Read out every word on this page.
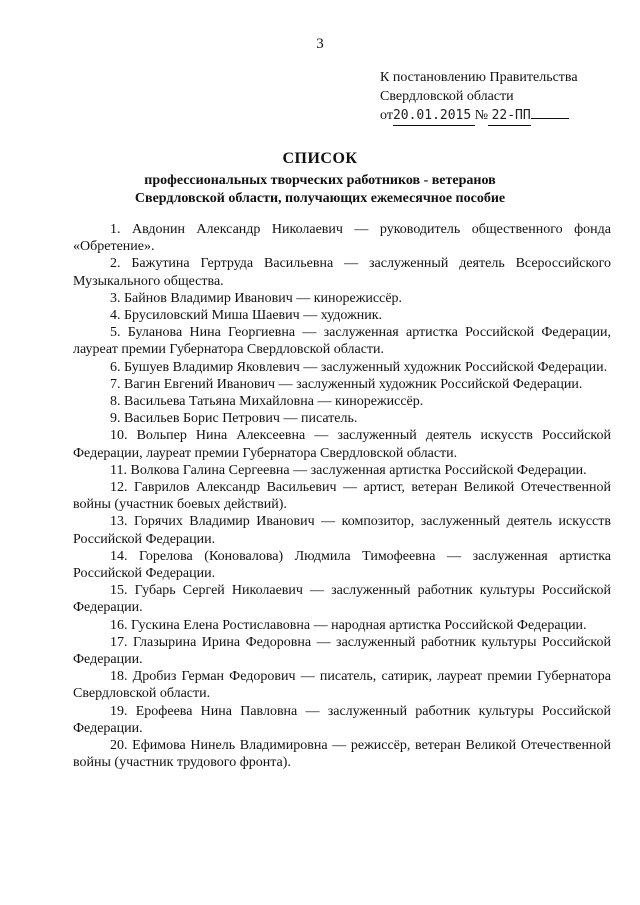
3
К постановлению Правительства
Свердловской области
от 20.01.2015
№
22-ПП
СПИСОК
профессиональных творческих работников - ветеранов
Свердловской области, получающих ежемесячное пособие
1. Авдонин Александр Николаевич — руководитель общественного фонда «Обретение».
2. Бажутина Гертруда Васильевна — заслуженный деятель Всероссийского Музыкального общества.
3. Байнов Владимир Иванович — кинорежиссёр.
4. Брусиловский Миша Шаевич — художник.
5. Буланова Нина Георгиевна — заслуженная артистка Российской Федерации, лауреат премии Губернатора Свердловской области.
6. Бушуев Владимир Яковлевич — заслуженный художник Российской Федерации.
7. Вагин Евгений Иванович — заслуженный художник Российской Федерации.
8. Васильева Татьяна Михайловна — кинорежиссёр.
9. Васильев Борис Петрович — писатель.
10. Вольпер Нина Алексеевна — заслуженный деятель искусств Российской Федерации, лауреат премии Губернатора Свердловской области.
11. Волкова Галина Сергеевна — заслуженная артистка Российской Федерации.
12. Гаврилов Александр Васильевич — артист, ветеран Великой Отечественной войны (участник боевых действий).
13. Горячих Владимир Иванович — композитор, заслуженный деятель искусств Российской Федерации.
14. Горелова (Коновалова) Людмила Тимофеевна — заслуженная артистка Российской Федерации.
15. Губарь Сергей Николаевич — заслуженный работник культуры Российской Федерации.
16. Гускина Елена Ростиславовна — народная артистка Российской Федерации.
17. Глазырина Ирина Федоровна — заслуженный работник культуры Российской Федерации.
18. Дробиз Герман Федорович — писатель, сатирик, лауреат премии Губернатора Свердловской области.
19. Ерофеева Нина Павловна — заслуженный работник культуры Российской Федерации.
20. Ефимова Нинель Владимировна — режиссёр, ветеран Великой Отечественной войны (участник трудового фронта).
